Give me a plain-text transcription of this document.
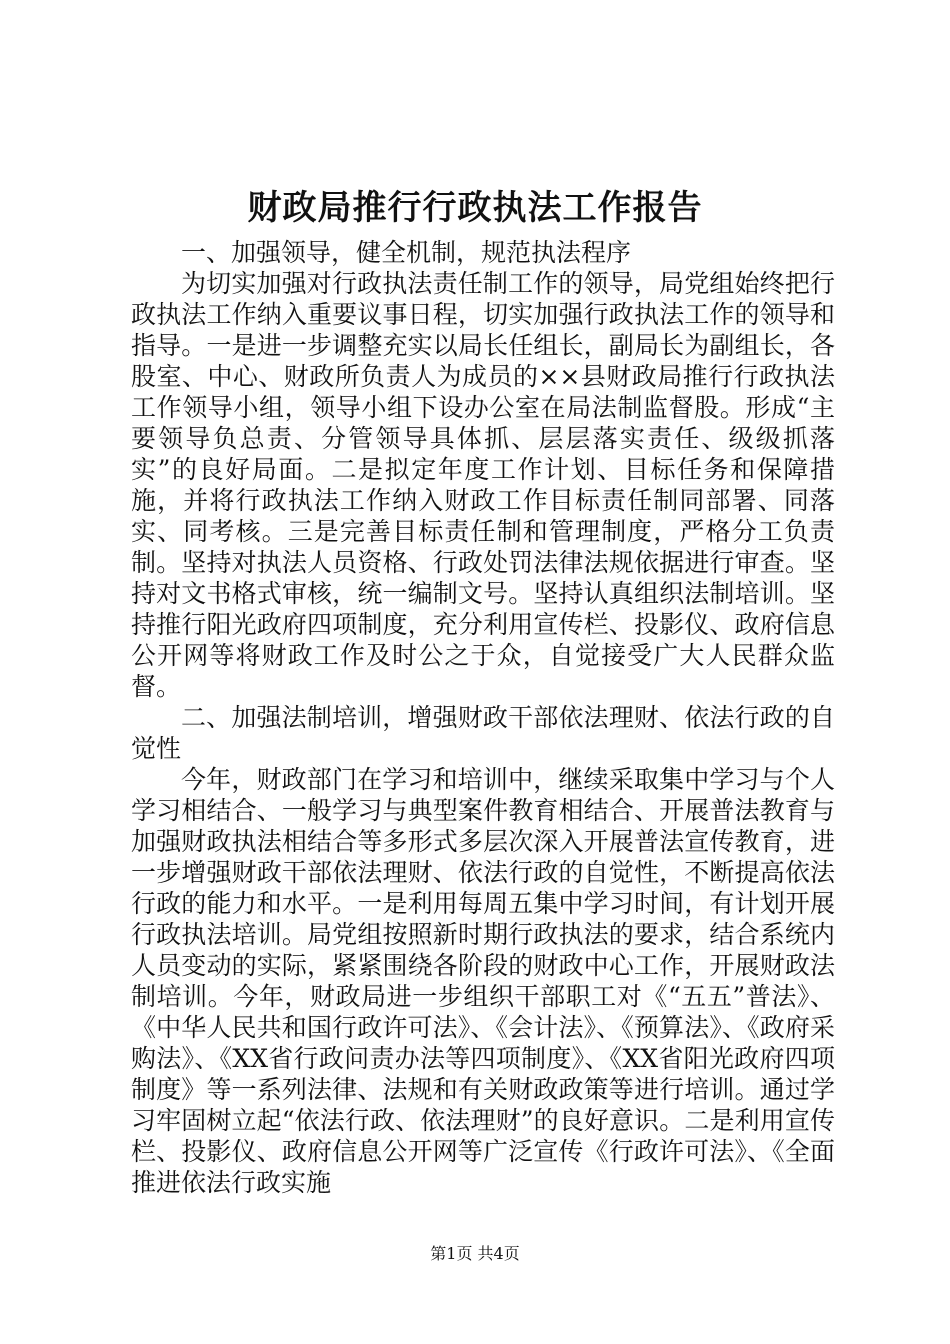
财政局推行行政执法工作报告

一、加强领导，健全机制，规范执法程序

为切实加强对行政执法责任制工作的领导，局党组始终把行政执法工作纳入重要议事日程，切实加强行政执法工作的领导和指导。一是进一步调整充实以局长任组长，副局长为副组长，各股室、中心、财政所负责人为成员的××县财政局推行行政执法工作领导小组，领导小组下设办公室在局法制监督股。形成“主要领导负总责、分管领导具体抓、层层落实责任、级级抓落实”的良好局面。二是拟定年度工作计划、目标任务和保障措施，并将行政执法工作纳入财政工作目标责任制同部署、同落实、同考核。三是完善目标责任制和管理制度，严格分工负责制。坚持对执法人员资格、行政处罚法律法规依据进行审查。坚持对文书格式审核，统一编制文号。坚持认真组织法制培训。坚持推行阳光政府四项制度，充分利用宣传栏、投影仪、政府信息公开网等将财政工作及时公之于众，自觉接受广大人民群众监督。

二、加强法制培训，增强财政干部依法理财、依法行政的自觉性

今年，财政部门在学习和培训中，继续采取集中学习与个人学习相结合、一般学习与典型案件教育相结合、开展普法教育与加强财政执法相结合等多形式多层次深入开展普法宣传教育，进一步增强财政干部依法理财、依法行政的自觉性，不断提高依法行政的能力和水平。一是利用每周五集中学习时间，有计划开展行政执法培训。局党组按照新时期行政执法的要求，结合系统内人员变动的实际，紧紧围绕各阶段的财政中心工作，开展财政法制培训。今年，财政局进一步组织干部职工对《“五五”普法》、《中华人民共和国行政许可法》、《会计法》、《预算法》、《政府采购法》、《XX省行政问责办法等四项制度》、《XX省阳光政府四项制度》等一系列法律、法规和有关财政政策等进行培训。通过学习牢固树立起“依法行政、依法理财”的良好意识。二是利用宣传栏、投影仪、政府信息公开网等广泛宣传《行政许可法》、《全面推进依法行政实施

第1页 共4页
